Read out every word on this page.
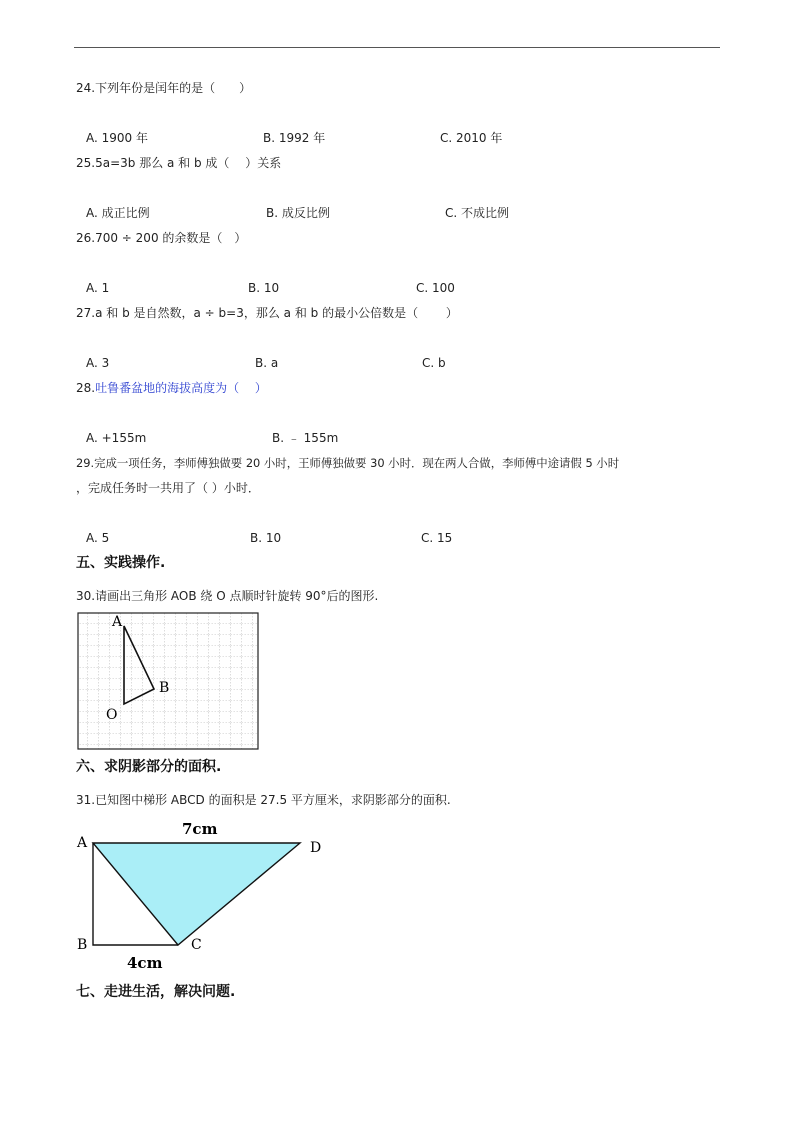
24.下列年份是闰年的是（　　）
A. 1900 年	B. 1992 年	C. 2010 年
25.5a=3b 那么 a 和 b 成（　 ）关系
A. 成正比例	B. 成反比例	C. 不成比例
26.700 ÷ 200 的余数是（　）
A. 1	B. 10	C. 100
27.a 和 b 是自然数，a ÷ b=3，那么 a 和 b 的最小公倍数是（　　 ）
A. 3	B. a	C. b
28.吐鲁番盆地的海拔高度为（　 ）
A. +155m	B. ﹣ 155m
29.完成一项任务，李师傅独做要 20 小时，王师傅独做要 30 小时．现在两人合做，李师傅中途请假 5 小时
，完成任务时一共用了（ ）小时．
A. 5	B. 10	C. 15
五、实践操作.
30.请画出三角形 AOB 绕 O 点顺时针旋转 90°后的图形.
A
B
O
六、求阴影部分的面积.
31.已知图中梯形 ABCD 的面积是 27.5 平方厘米，求阴影部分的面积.
A	D
B	C
7cm
4cm
七、走进生活，解决问题.
